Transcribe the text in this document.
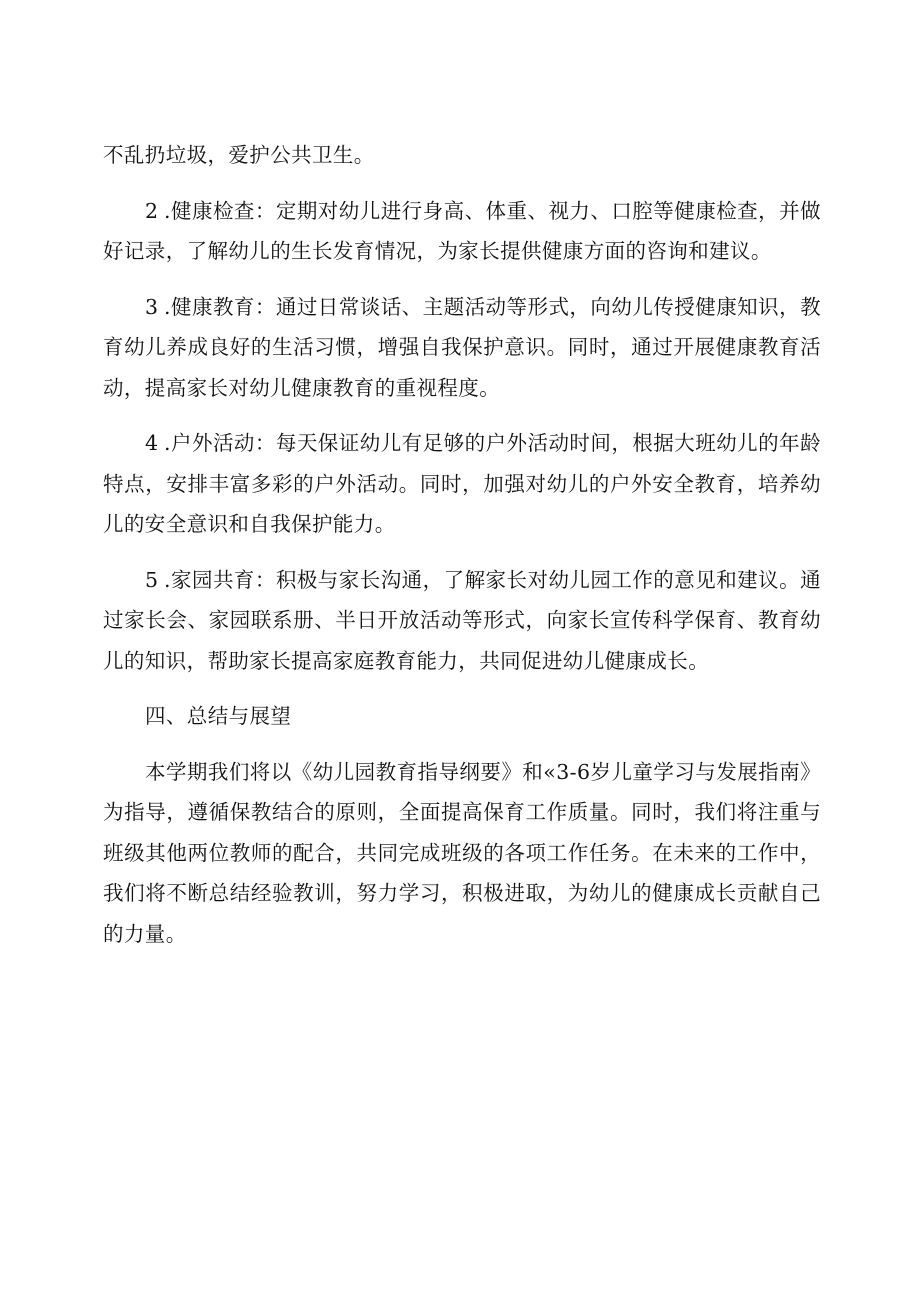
不乱扔垃圾，爱护公共卫生。

2.健康检查：定期对幼儿进行身高、体重、视力、口腔等健康检查，并做好记录，了解幼儿的生长发育情况，为家长提供健康方面的咨询和建议。

3.健康教育：通过日常谈话、主题活动等形式，向幼儿传授健康知识，教育幼儿养成良好的生活习惯，增强自我保护意识。同时，通过开展健康教育活动，提高家长对幼儿健康教育的重视程度。

4.户外活动：每天保证幼儿有足够的户外活动时间，根据大班幼儿的年龄特点，安排丰富多彩的户外活动。同时，加强对幼儿的户外安全教育，培养幼儿的安全意识和自我保护能力。

5.家园共育：积极与家长沟通，了解家长对幼儿园工作的意见和建议。通过家长会、家园联系册、半日开放活动等形式，向家长宣传科学保育、教育幼儿的知识，帮助家长提高家庭教育能力，共同促进幼儿健康成长。

四、总结与展望

本学期我们将以《幼儿园教育指导纲要》和«3-6岁儿童学习与发展指南》为指导，遵循保教结合的原则，全面提高保育工作质量。同时，我们将注重与班级其他两位教师的配合，共同完成班级的各项工作任务。在未来的工作中，我们将不断总结经验教训，努力学习，积极进取，为幼儿的健康成长贡献自己的力量。
